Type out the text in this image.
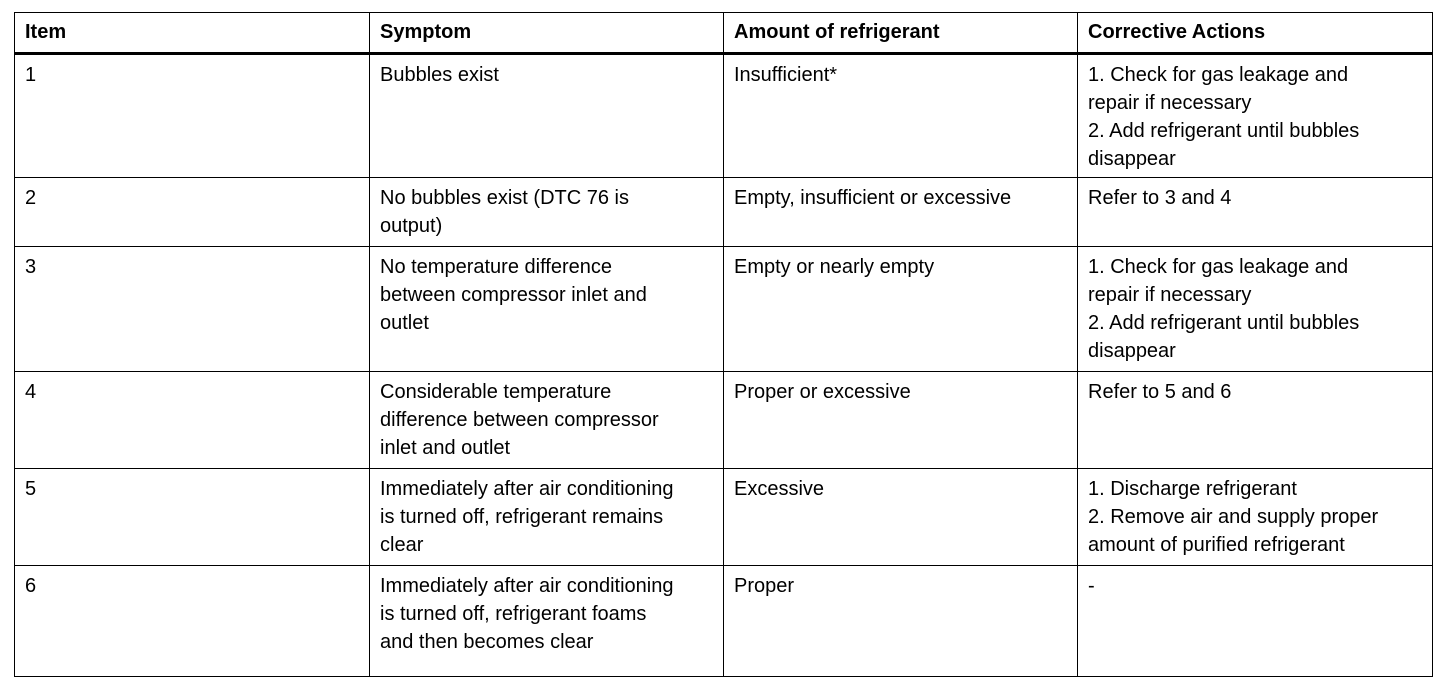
Item	Symptom	Amount of refrigerant	Corrective Actions
1	Bubbles exist	Insufficient*	1. Check for gas leakage and
repair if necessary
2. Add refrigerant until bubbles
disappear
2	No bubbles exist (DTC 76 is
output)	Empty, insufficient or excessive	Refer to 3 and 4
3	No temperature difference
between compressor inlet and
outlet	Empty or nearly empty	1. Check for gas leakage and
repair if necessary
2. Add refrigerant until bubbles
disappear
4	Considerable temperature
difference between compressor
inlet and outlet	Proper or excessive	Refer to 5 and 6
5	Immediately after air conditioning
is turned off, refrigerant remains
clear	Excessive	1. Discharge refrigerant
2. Remove air and supply proper
amount of purified refrigerant
6	Immediately after air conditioning
is turned off, refrigerant foams
and then becomes clear	Proper	-
